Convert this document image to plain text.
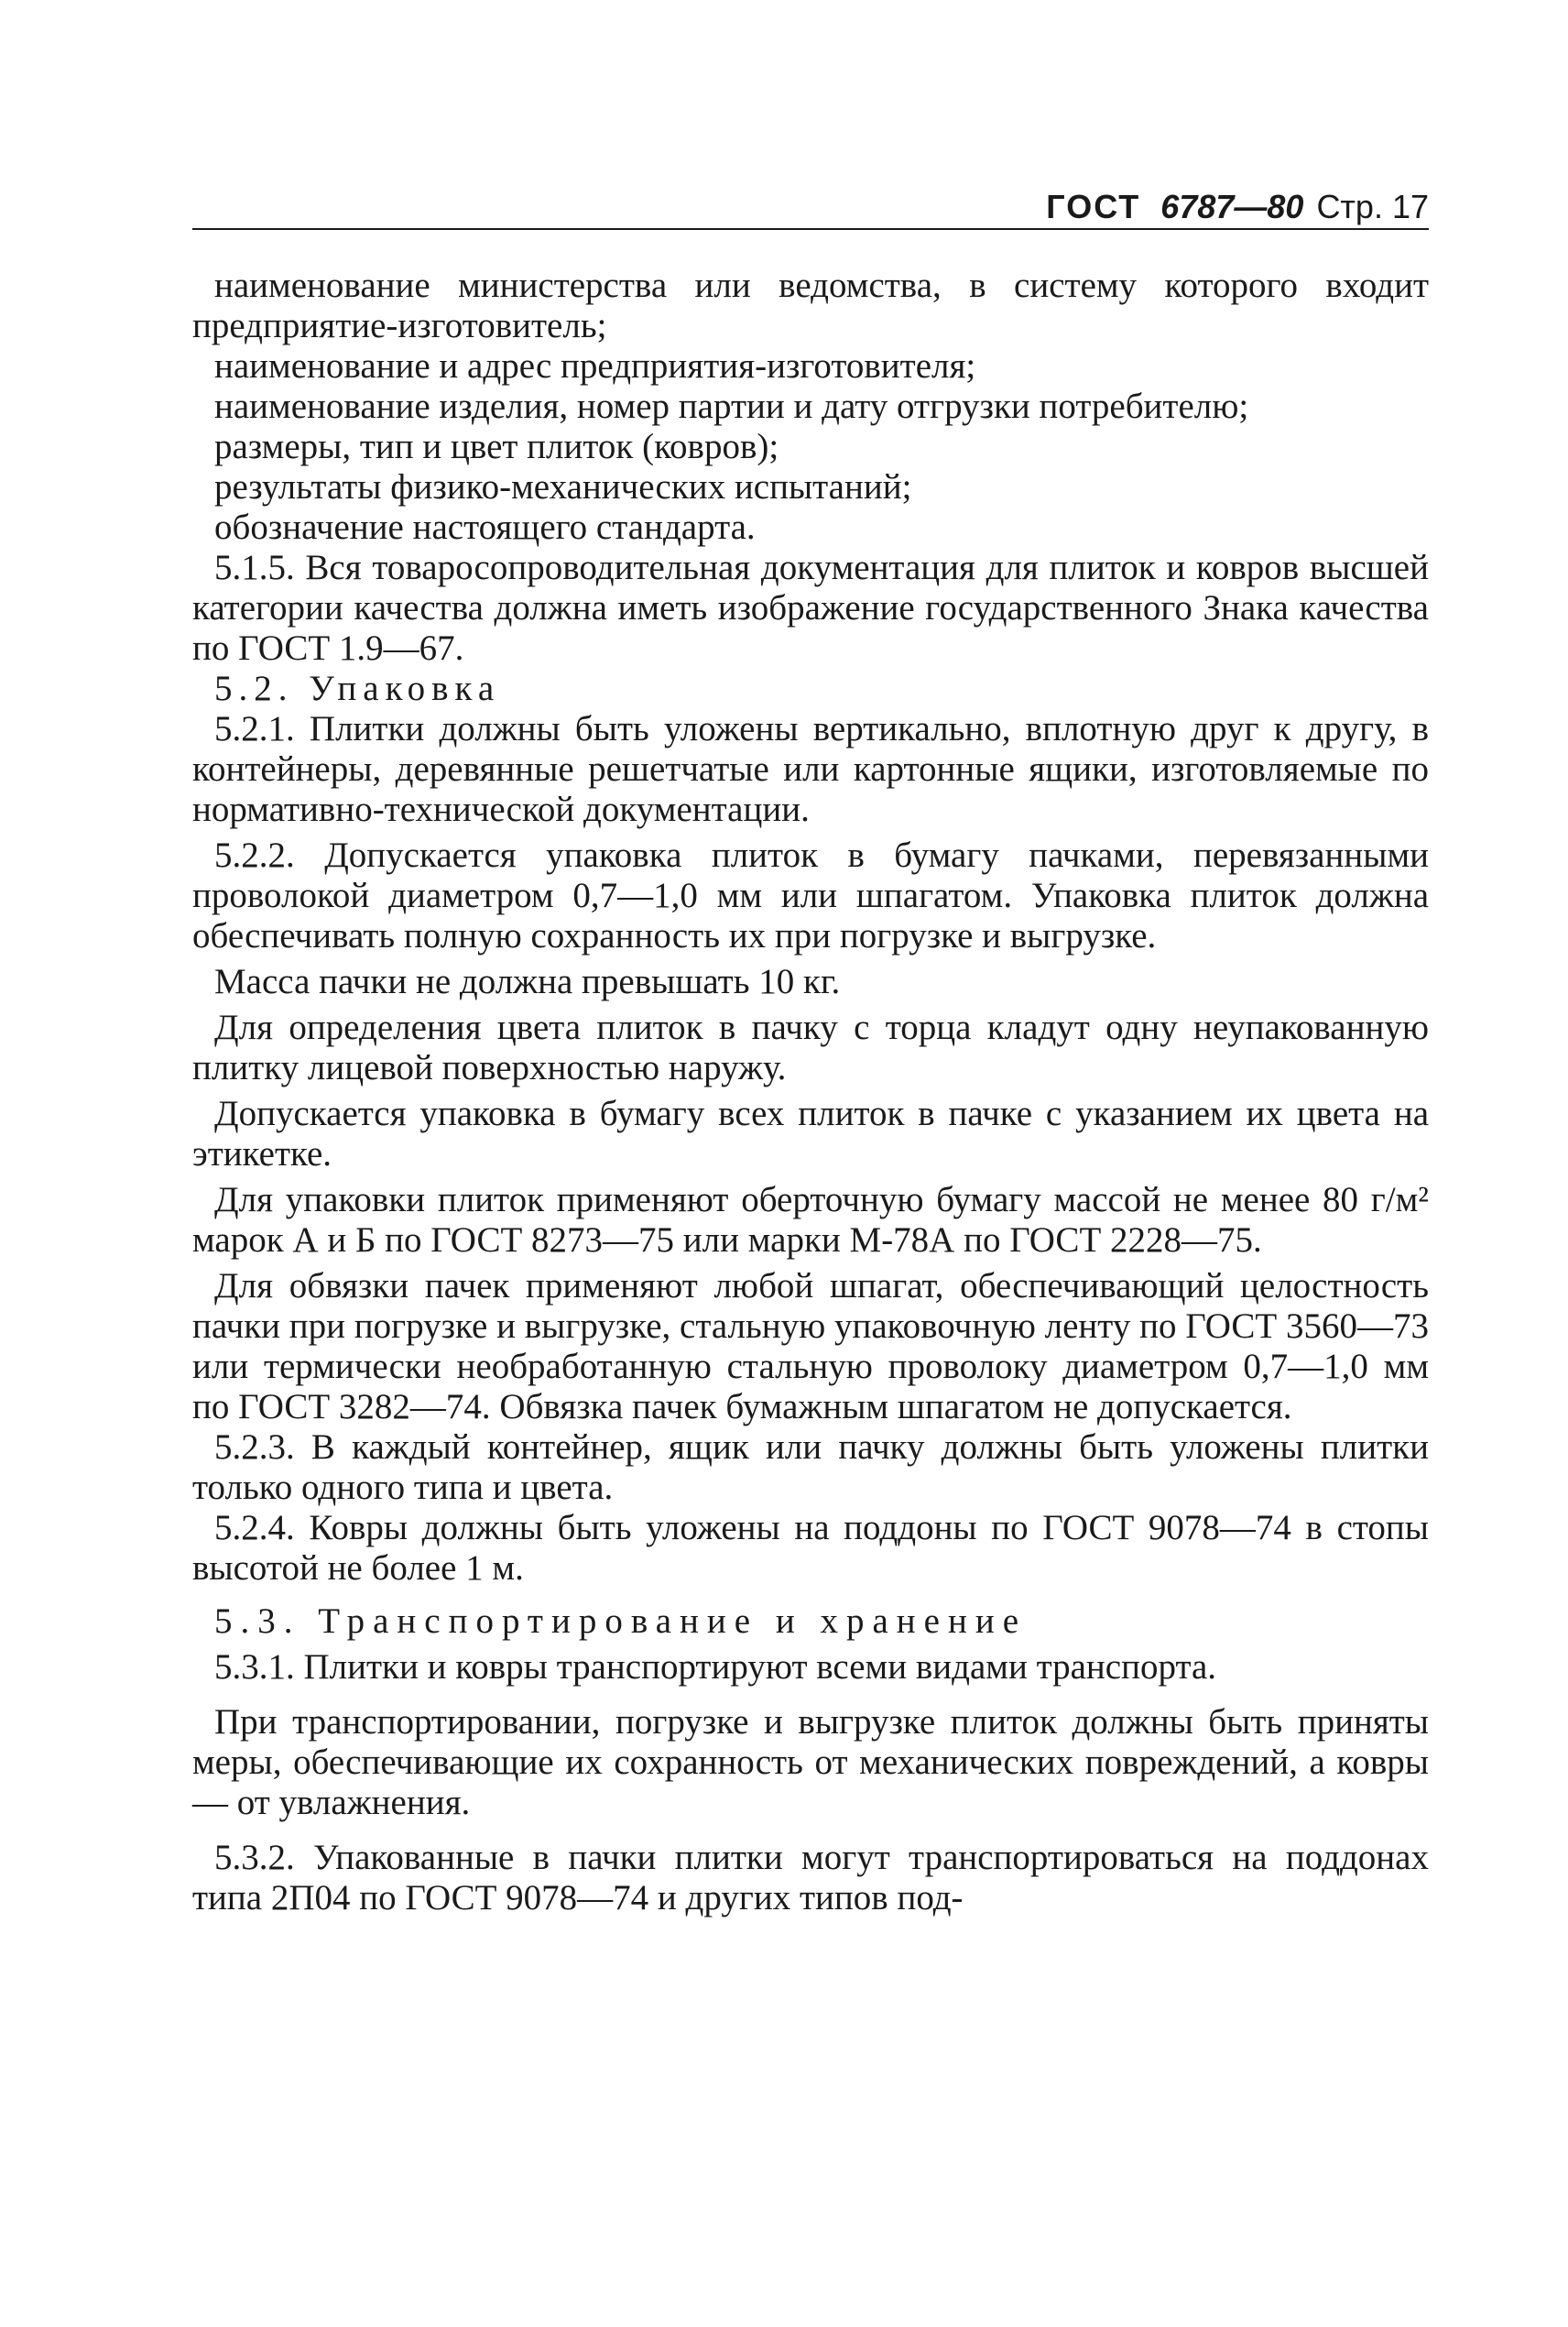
ГОСТ 6787—80 Стр. 17

наименование министерства или ведомства, в систему которого входит предприятие-изготовитель;

наименование и адрес предприятия-изготовителя;

наименование изделия, номер партии и дату отгрузки потребителю;

размеры, тип и цвет плиток (ковров);

результаты физико-механических испытаний;

обозначение настоящего стандарта.

5.1.5. Вся товаросопроводительная документация для плиток и ковров высшей категории качества должна иметь изображение государственного Знака качества по ГОСТ 1.9—67.

5.2. Упаковка

5.2.1. Плитки должны быть уложены вертикально, вплотную друг к другу, в контейнеры, деревянные решетчатые или картонные ящики, изготовляемые по нормативно-технической документации.

5.2.2. Допускается упаковка плиток в бумагу пачками, перевязанными проволокой диаметром 0,7—1,0 мм или шпагатом. Упаковка плиток должна обеспечивать полную сохранность их при погрузке и выгрузке.

Масса пачки не должна превышать 10 кг.

Для определения цвета плиток в пачку с торца кладут одну неупакованную плитку лицевой поверхностью наружу.

Допускается упаковка в бумагу всех плиток в пачке с указанием их цвета на этикетке.

Для упаковки плиток применяют оберточную бумагу массой не менее 80 г/м² марок А и Б по ГОСТ 8273—75 или марки М-78А по ГОСТ 2228—75.

Для обвязки пачек применяют любой шпагат, обеспечивающий целостность пачки при погрузке и выгрузке, стальную упаковочную ленту по ГОСТ 3560—73 или термически необработанную стальную проволоку диаметром 0,7—1,0 мм по ГОСТ 3282—74. Обвязка пачек бумажным шпагатом не допускается.

5.2.3. В каждый контейнер, ящик или пачку должны быть уложены плитки только одного типа и цвета.

5.2.4. Ковры должны быть уложены на поддоны по ГОСТ 9078—74 в стопы высотой не более 1 м.

5.3. Транспортирование и хранение

5.3.1. Плитки и ковры транспортируют всеми видами транспорта.

При транспортировании, погрузке и выгрузке плиток должны быть приняты меры, обеспечивающие их сохранность от механических повреждений, а ковры — от увлажнения.

5.3.2. Упакованные в пачки плитки могут транспортироваться на поддонах типа 2П04 по ГОСТ 9078—74 и других типов под-
